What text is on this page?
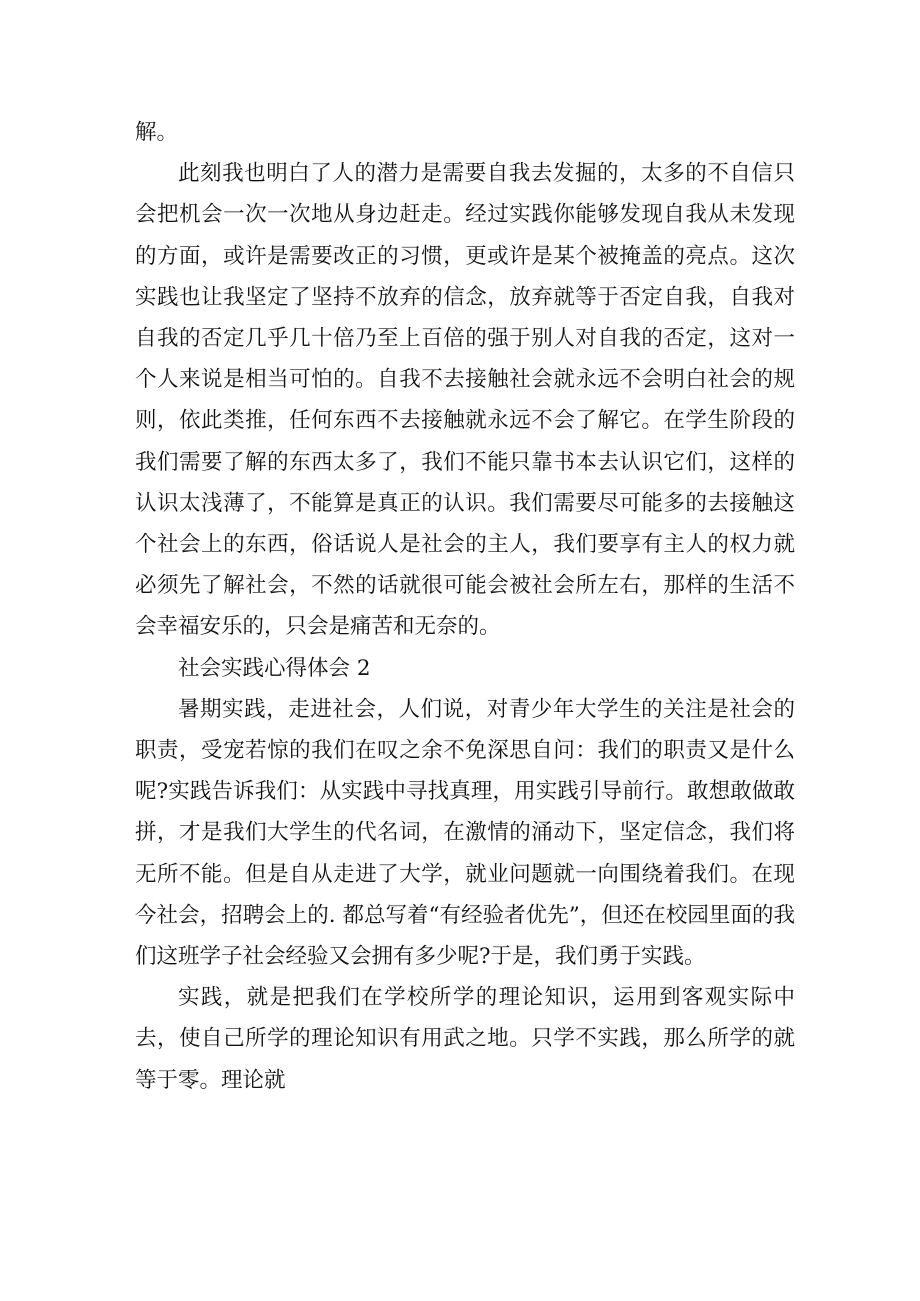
解。

此刻我也明白了人的潜力是需要自我去发掘的，太多的不自信只会把机会一次一次地从身边赶走。经过实践你能够发现自我从未发现的方面，或许是需要改正的习惯，更或许是某个被掩盖的亮点。这次实践也让我坚定了坚持不放弃的信念，放弃就等于否定自我，自我对自我的否定几乎几十倍乃至上百倍的强于别人对自我的否定，这对一个人来说是相当可怕的。自我不去接触社会就永远不会明白社会的规则，依此类推，任何东西不去接触就永远不会了解它。在学生阶段的我们需要了解的东西太多了，我们不能只靠书本去认识它们，这样的认识太浅薄了，不能算是真正的认识。我们需要尽可能多的去接触这个社会上的东西，俗话说人是社会的主人，我们要享有主人的权力就必须先了解社会，不然的话就很可能会被社会所左右，那样的生活不会幸福安乐的，只会是痛苦和无奈的。

社会实践心得体会 2

暑期实践，走进社会，人们说，对青少年大学生的关注是社会的职责，受宠若惊的我们在叹之余不免深思自问：我们的职责又是什么呢?实践告诉我们：从实践中寻找真理，用实践引导前行。敢想敢做敢拼，才是我们大学生的代名词，在激情的涌动下，坚定信念，我们将无所不能。但是自从走进了大学，就业问题就一向围绕着我们。在现今社会，招聘会上的. 都总写着“有经验者优先”，但还在校园里面的我们这班学子社会经验又会拥有多少呢?于是，我们勇于实践。

实践，就是把我们在学校所学的理论知识，运用到客观实际中去，使自己所学的理论知识有用武之地。只学不实践，那么所学的就等于零。理论就
